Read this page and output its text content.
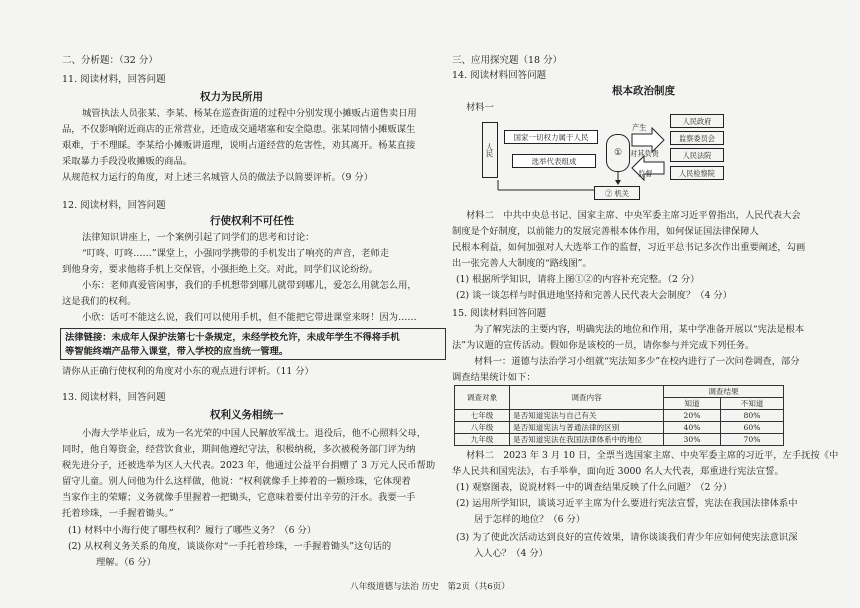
二、分析题：（32 分）
11. 阅读材料，回答问题
权力为民所用
城管执法人员张某、李某、杨某在巡查街道的过程中分别发现小摊贩占道售卖日用
品，不仅影响附近商店的正常营业，还造成交通堵塞和安全隐患。张某同情小摊贩谋生
艰难，于不理睬。李某给小摊贩讲道理，说明占道经营的危害性，劝其离开。杨某直接
采取暴力手段没收摊贩的商品。
从规范权力运行的角度，对上述三名城管人员的做法予以简要评析。（9 分）
12. 阅读材料，回答问题
行使权利不可任性
法律知识讲座上，一个案例引起了同学们的思考和讨论：
“叮咚、叮咚……”课堂上，小强同学携带的手机发出了响亮的声音，老师走
到他身旁，要求他将手机上交保管，小强拒绝上交。对此，同学们议论纷纷。
小东：老师真爱管闲事，我们的手机想带到哪儿就带到哪儿，爱怎么用就怎么用，
这是我们的权利。
小欣：话可不能这么说，我们可以使用手机，但不能把它带进课堂来呀！因为……
法律链接：未成年人保护法第七十条规定，未经学校允许，未成年学生不得将手机
等智能终端产品带入课堂，带入学校的应当统一管理。
请你从正确行使权利的角度对小东的观点进行评析。（11 分）
13. 阅读材料，回答问题
权利义务相统一
小海大学毕业后，成为一名光荣的中国人民解放军战士。退役后，他不心照料父母，
同时，他自筹资金，经营饮食业，期间他遵纪守法，积极纳税，多次被税务部门评为纳
税先进分子，还被选举为区人大代表。2023 年，他通过公益平台捐赠了 3 万元人民币帮助
留守儿童。别人问他为什么这样做，他说：“权利就像手上捧着的一颗珍珠，它体现着
当家作主的荣耀；义务就像手里握着一把锄头，它意味着要付出辛劳的汗水。我要一手
托着珍珠，一手握着锄头。”
(1) 材料中小海行使了哪些权利？履行了哪些义务？（6 分）
(2) 从权利义务关系的角度，谈谈你对“一手托着珍珠，一手握着锄头”这句话的
理解。（6 分）
三、应用探究题（18 分）
14. 阅读材料回答问题
根本政治制度
材料一
人民
国家一切权力属于人民
选举代表组成
①
产生
对其负责
监督
② 机关
人民政府
监察委员会
人民法院
人民检察院
材料二　中共中央总书记、国家主席、中央军委主席习近平曾指出，人民代表大会
制度是个好制度，以前能力的发展完善根本体作用，如何保证国法律保障人
民根本利益，如何加强对人大选举工作的监督，习近平总书记多次作出重要阐述，勾画
出一张完善人大制度的“路线图”。
(1) 根据所学知识，请将上图①②的内容补充完整。（2 分）
(2) 谈一谈怎样与时俱进地坚持和完善人民代表大会制度？（4 分）
15. 阅读材料回答问题
为了解宪法的主要内容，明确宪法的地位和作用，某中学准备开展以“宪法是根本
法”为议题的宣传活动。假如你是该校的一员，请你参与并完成下列任务。
材料一：道德与法治学习小组就“宪法知多少”在校内进行了一次问卷调查，部分
调查结果统计如下：
调查对象	调查内容	调查结果	
		知道	不知道
七年级	是否知道宪法与自己有关	20%	80%
八年级	是否知道宪法与普通法律的区别	40%	60%
九年级	是否知道宪法在我国法律体系中的地位	30%	70%
材料二　2023 年 3 月 10 日，全票当选国家主席、中央军委主席的习近平，左手抚按《中
华人民共和国宪法》，右手举拳，面向近 3000 名人大代表，郑重进行宪法宣誓。
(1) 观察图表，说说材料一中的调查结果反映了什么问题？（2 分）
(2) 运用所学知识，谈谈习近平主席为什么要进行宪法宣誓，宪法在我国法律体系中
居于怎样的地位？（6 分）
(3) 为了使此次活动达到良好的宣传效果，请你谈谈我们青少年应如何使宪法意识深
入人心？（4 分）
八年级道德与法治 历史　第2页（共6页）
